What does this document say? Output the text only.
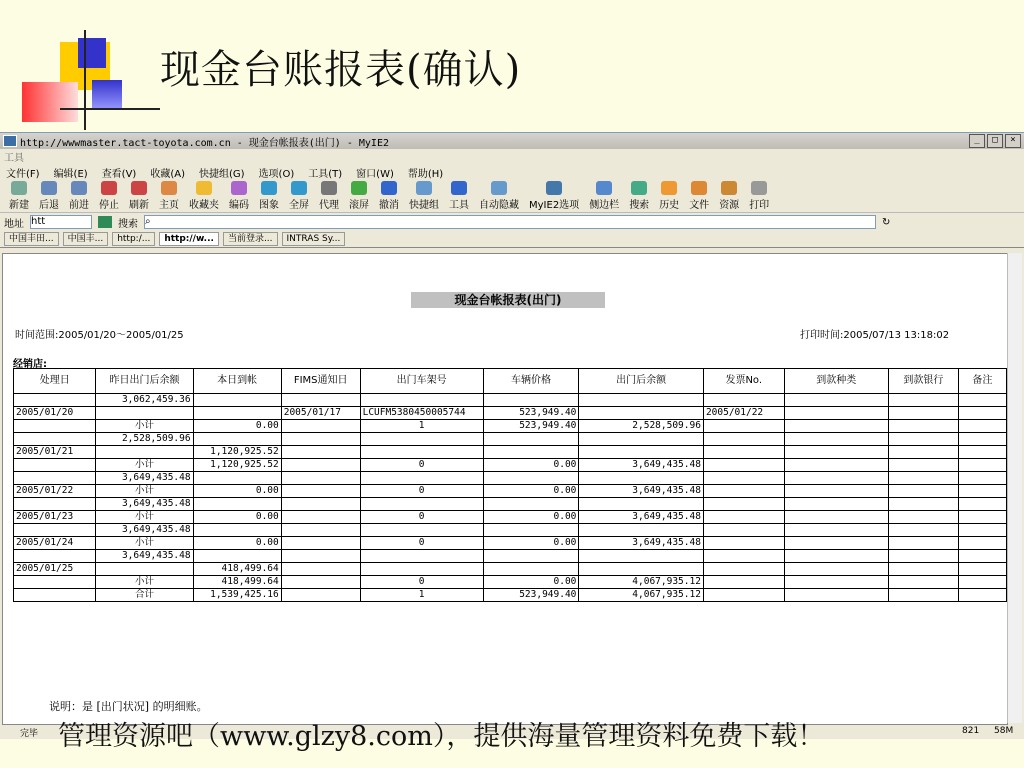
现金台账报表(确认)
http://wwwmaster.tact-toyota.com.cn - 现金台帐报表(出门) - MyIE2	_	□	×
工具
文件(F) 编辑(E) 查看(V) 收藏(A) 快捷组(G) 选项(O) 工具(T) 窗口(W) 帮助(H)
新建 后退 前进 停止 刷新 主页 收藏夹 编码 图象 全屏 代理 滚屏 撤消 快捷组 工具 自动隐藏 MyIE2选项 侧边栏 搜索 历史 文件 资源 打印
地址 htt	搜索 ⌕	↻
中国丰田...	中国丰...	http:/...	http://w...	当前登录...	INTRAS Sy...
现金台帐报表(出门)
时间范围:2005/01/20～2005/01/25	打印时间:2005/07/13 13:18:02
经销店:
处理日	昨日出门后余额	本日到帐	FIMS通知日	出门车架号	车辆价格	出门后余额	发票No.	到款种类	到款银行	备注
	3,062,459.36									
2005/01/20			2005/01/17	LCUFM5380450005744	523,949.40		2005/01/22			
	小计	0.00		1	523,949.40	2,528,509.96				
	2,528,509.96									
2005/01/21		1,120,925.52								
	小计	1,120,925.52		0	0.00	3,649,435.48				
	3,649,435.48									
2005/01/22	小计	0.00		0	0.00	3,649,435.48				
	3,649,435.48									
2005/01/23	小计	0.00		0	0.00	3,649,435.48				
	3,649,435.48									
2005/01/24	小计	0.00		0	0.00	3,649,435.48				
	3,649,435.48									
2005/01/25		418,499.64								
	小计	418,499.64		0	0.00	4,067,935.12				
	合计	1,539,425.16		1	523,949.40	4,067,935.12				
说明：是 [出门状况] 的明细账。
完毕	821 58M
管理资源吧（www.glzy8.com），提供海量管理资料免费下载！
